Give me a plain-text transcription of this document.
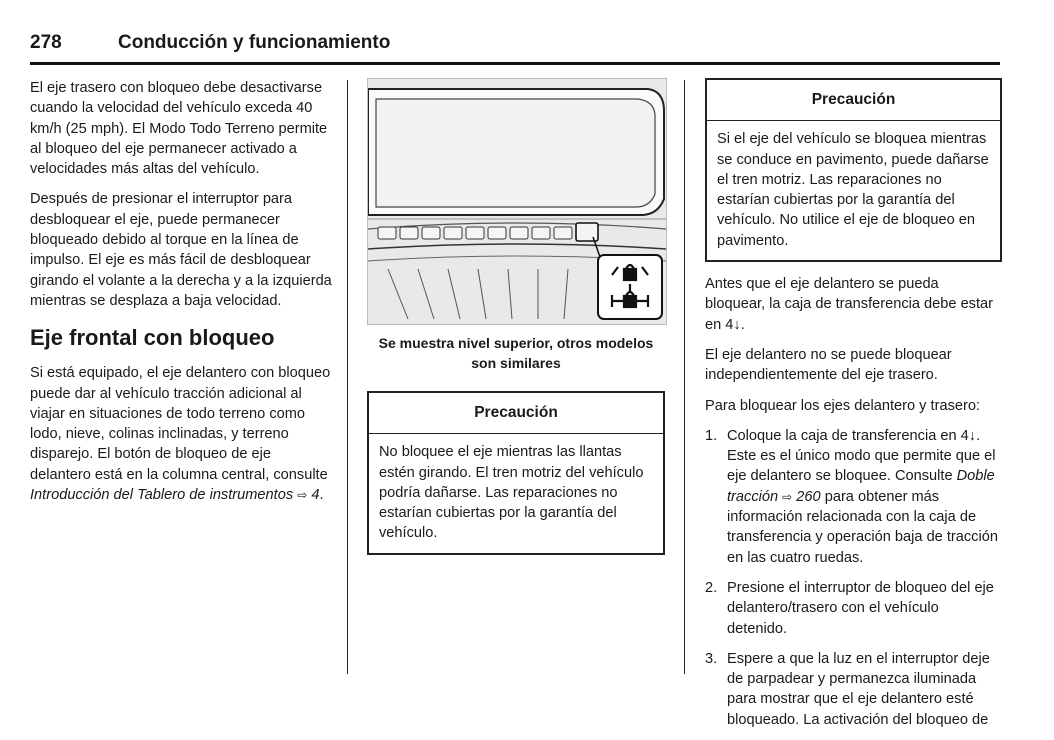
278	Conducción y funcionamiento

El eje trasero con bloqueo debe desactivarse cuando la velocidad del vehículo exceda 40 km/h (25 mph). El Modo Todo Terreno permite al bloqueo del eje permanecer activado a velocidades más altas del vehículo.

Después de presionar el interruptor para desbloquear el eje, puede permanecer bloqueado debido al torque en la línea de impulso. El eje es más fácil de desbloquear girando el volante a la derecha y a la izquierda mientras se desplaza a baja velocidad.

Eje frontal con bloqueo

Si está equipado, el eje delantero con bloqueo puede dar al vehículo tracción adicional al viajar en situaciones de todo terreno como lodo, nieve, colinas inclinadas, y terreno disparejo. El botón de bloqueo de eje delantero está en la columna central, consulte Introducción del Tablero de instrumentos ⇨ 4.

Se muestra nivel superior, otros modelos son similares
Precaución
No bloquee el eje mientras las llantas estén girando. El tren motriz del vehículo podría dañarse. Las reparaciones no estarían cubiertas por la garantía del vehículo.
Precaución
Si el eje del vehículo se bloquea mientras se conduce en pavimento, puede dañarse el tren motriz. Las reparaciones no estarían cubiertas por la garantía del vehículo. No utilice el eje de bloqueo en pavimento.

Antes que el eje delantero se pueda bloquear, la caja de transferencia debe estar en 4↓.

El eje delantero no se puede bloquear independientemente del eje trasero.

Para bloquear los ejes delantero y trasero:

1. Coloque la caja de transferencia en 4↓. Este es el único modo que permite que el eje delantero se bloquee. Consulte Doble tracción ⇨ 260 para obtener más información relacionada con la caja de transferencia y operación baja de tracción en las cuatro ruedas.
2. Presione el interruptor de bloqueo del eje delantero/trasero con el vehículo detenido.
3. Espere a que la luz en el interruptor deje de parpadear y permanezca iluminada para mostrar que el eje delantero esté bloqueado. La activación del bloqueo de
